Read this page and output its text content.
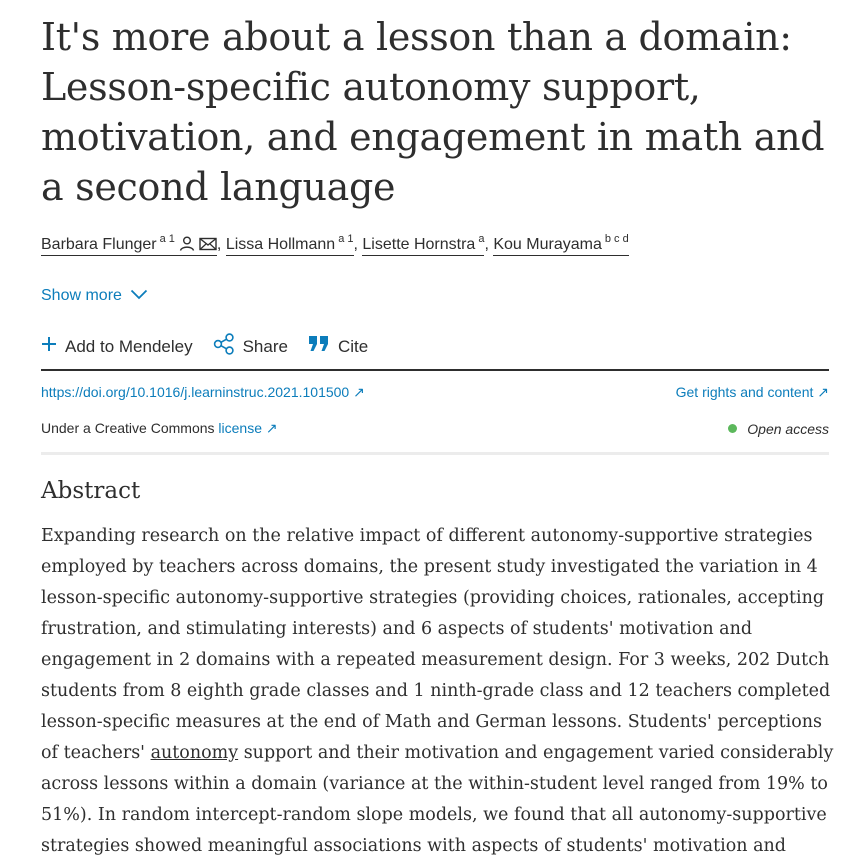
It's more about a lesson than a domain: Lesson-specific autonomy support, motivation, and engagement in math and a second language
Barbara Flunger $^{a 1}$	, Lissa Hollmann $^{a 1}$, Lisette Hornstra $^a$, Kou Murayama $^{b c d}$
Show more
Add to Mendeley	Share	Cite
https://doi.org/10.1016/j.learninstruc.2021.101500 ↗	Get rights and content ↗
Under a Creative Commons license ↗	Open access
Abstract

Expanding research on the relative impact of different autonomy-supportive strategies employed by teachers across domains, the present study investigated the variation in 4 lesson-specific autonomy-supportive strategies (providing choices, rationales, accepting frustration, and stimulating interests) and 6 aspects of students' motivation and engagement in 2 domains with a repeated measurement design. For 3 weeks, 202 Dutch students from 8 eighth grade classes and 1 ninth-grade class and 12 teachers completed lesson-specific measures at the end of Math and German lessons. Students' perceptions of teachers' autonomy support and their motivation and engagement varied considerably across lessons within a domain (variance at the within-student level ranged from 19% to 51%). In random intercept-random slope models, we found that all autonomy-supportive strategies showed meaningful associations with aspects of students' motivation and
